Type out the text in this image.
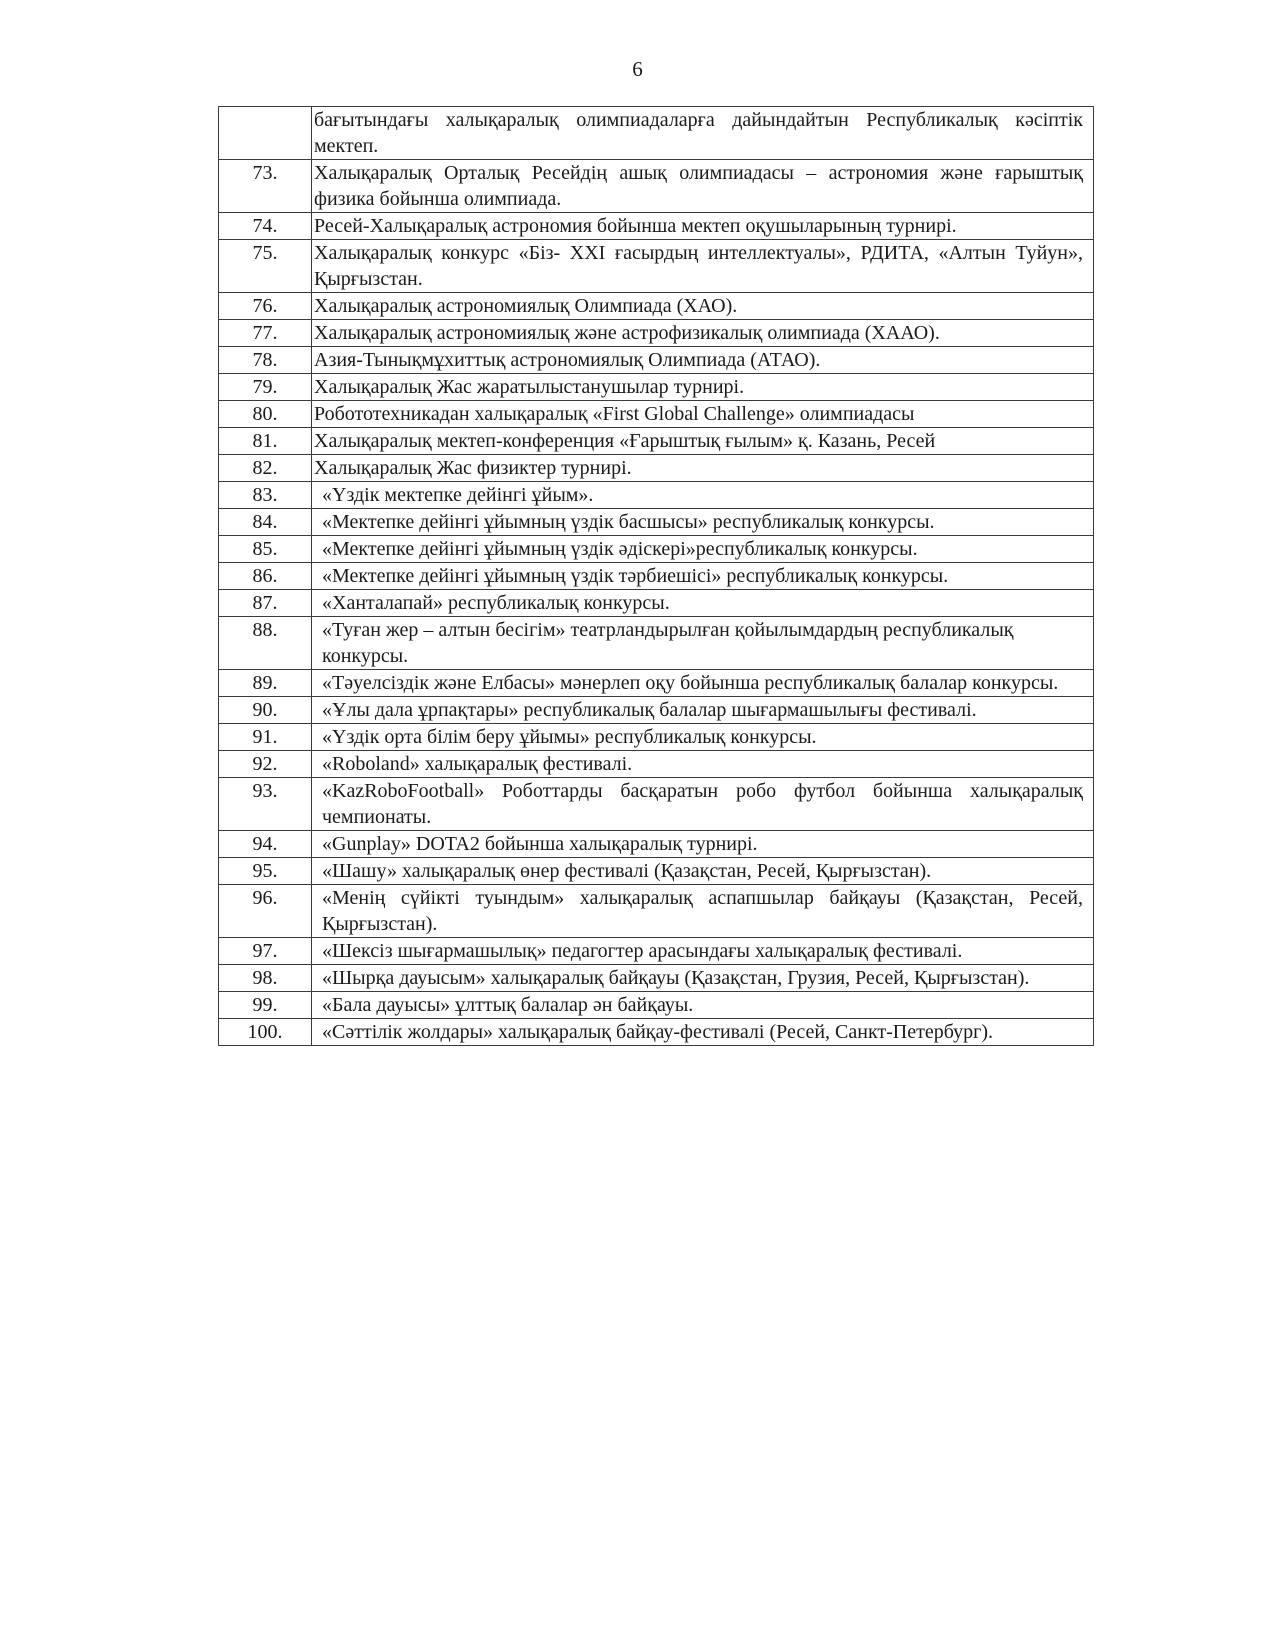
6
	бағытындағы халықаралық олимпиадаларға дайындайтын Республикалық кәсіптік мектеп.
73.	Халықаралық Орталық Ресейдің ашық олимпиадасы – астрономия және ғарыштық физика бойынша олимпиада.
74.	Ресей-Халықаралық астрономия бойынша мектеп оқушыларының турнирі.
75.	Халықаралық конкурс «Біз- XXI ғасырдың интеллектуалы», РДИТА, «Алтын Туйун», Қырғызстан.
76.	Халықаралық астрономиялық Олимпиада (ХАО).
77.	Халықаралық астрономиялық және астрофизикалық олимпиада (ХААО).
78.	Азия-Тынықмұхиттық астрономиялық Олимпиада (АТАО).
79.	Халықаралық Жас жаратылыстанушылар турнирі.
80.	Робототехникадан халықаралық «First Global Challenge» олимпиадасы
81.	Халықаралық мектеп-конференция «Ғарыштық ғылым» қ. Казань, Ресей
82.	Халықаралық Жас физиктер турнирі.
83.	«Үздік мектепке дейінгі ұйым».
84.	«Мектепке дейінгі ұйымның үздік басшысы» республикалық конкурсы.
85.	«Мектепке дейінгі ұйымның үздік әдіскері»республикалық конкурсы.
86.	«Мектепке дейінгі ұйымның үздік тәрбиешісі» республикалық конкурсы.
87.	«Ханталапай» республикалық конкурсы.
88.	«Туған жер – алтын бесігім» театрландырылған қойылымдардың республикалық конкурсы.
89.	«Тәуелсіздік және Елбасы» мәнерлеп оқу бойынша республикалық балалар конкурсы.
90.	«Ұлы дала ұрпақтары» республикалық балалар шығармашылығы фестивалі.
91.	«Үздік орта білім беру ұйымы» республикалық конкурсы.
92.	«Roboland» халықаралық фестивалі.
93.	«KazRoboFootball» Роботтарды басқаратын робо футбол бойынша халықаралық чемпионаты.
94.	«Gunplay» DOTA2 бойынша халықаралық турнирі.
95.	«Шашу» халықаралық өнер фестивалі (Қазақстан, Ресей, Қырғызстан).
96.	«Менің сүйікті туындым» халықаралық аспапшылар байқауы (Қазақстан, Ресей, Қырғызстан).
97.	«Шексіз шығармашылық» педагогтер арасындағы халықаралық фестивалі.
98.	«Шырқа дауысым» халықаралық байқауы (Қазақстан, Грузия, Ресей, Қырғызстан).
99.	«Бала дауысы» ұлттық балалар ән байқауы.
100.	«Сәттілік жолдары» халықаралық байқау-фестивалі (Ресей, Санкт-Петербург).
